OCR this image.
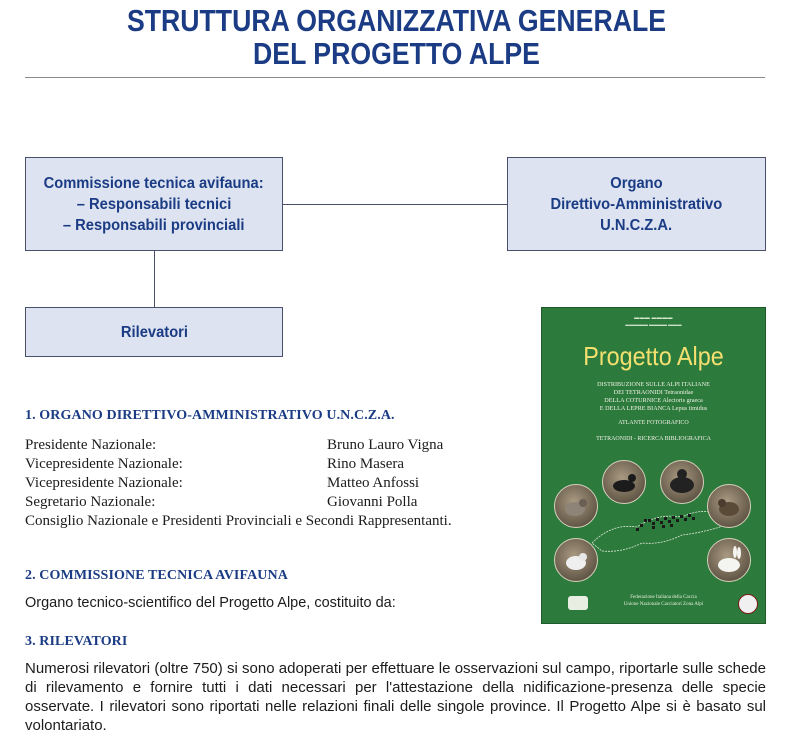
STRUTTURA ORGANIZZATIVA GENERALE
DEL PROGETTO ALPE
Commissione tecnica avifauna:
– Responsabili tecnici
– Responsabili provinciali
Organo
Direttivo-Amministrativo
U.N.C.Z.A.
Rilevatori
▬▬▬ ▬▬▬▬
▬▬▬▬▬ ▬▬▬▬ ▬▬▬
Progetto Alpe
DISTRIBUZIONE SULLE ALPI ITALIANE
DEI TETRAONIDI Tetraonidae
DELLA COTURNICE Alectoris graeca
E DELLA LEPRE BIANCA Lepus timidus
ATLANTE FOTOGRAFICO
TETRAONIDI - RICERCA BIBLIOGRAFICA
Federazione Italiana della Caccia
Unione Nazionale Cacciatori Zona Alpi
1. ORGANO DIRETTIVO-AMMINISTRATIVO U.N.C.Z.A.
Presidente Nazionale:	Bruno Lauro Vigna
Vicepresidente Nazionale:	Rino Masera
Vicepresidente Nazionale:	Matteo Anfossi
Segretario Nazionale:	Giovanni Polla
Consiglio Nazionale e Presidenti Provinciali e Secondi Rappresentanti.
2. COMMISSIONE TECNICA AVIFAUNA
Organo tecnico-scientifico del Progetto Alpe, costituito da:
3. RILEVATORI

Numerosi rilevatori (oltre 750) si sono adoperati per effettuare le osservazioni sul campo, riportarle sulle schede di rilevamento e fornire tutti i dati necessari per l'attestazione della nidificazione-presenza delle specie osservate. I rilevatori sono riportati nelle relazioni finali delle singole province. Il Progetto Alpe si è basato sul volontariato.
